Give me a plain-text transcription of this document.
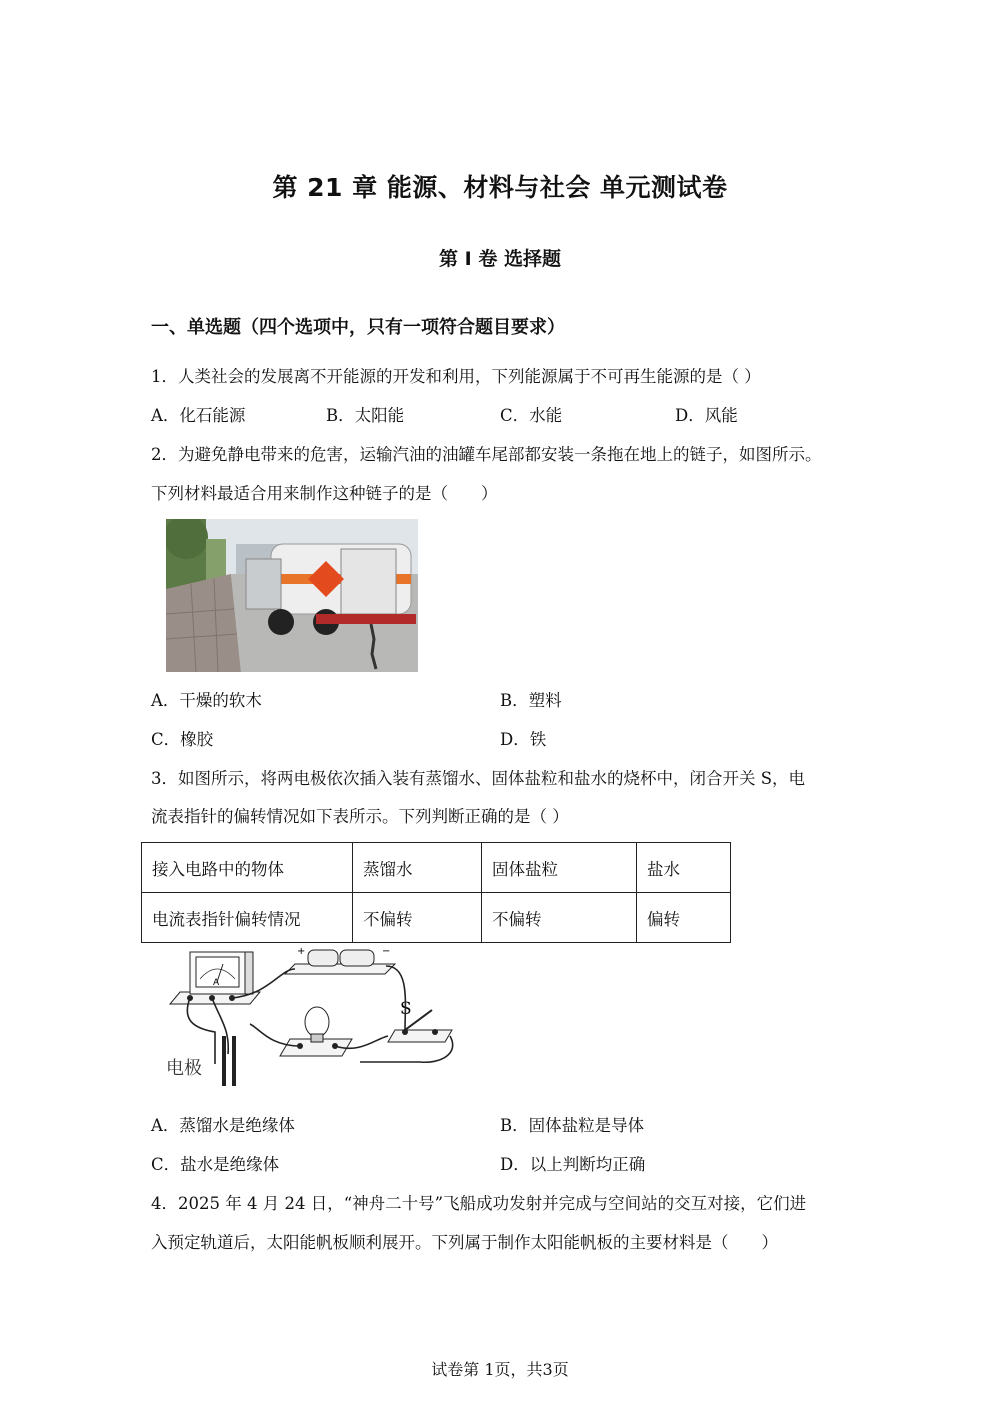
第 21 章 能源、材料与社会 单元测试卷
第 I 卷 选择题
一、单选题（四个选项中，只有一项符合题目要求）
1．人类社会的发展离不开能源的开发和利用，下列能源属于不可再生能源的是（ ）
A．化石能源	B．太阳能	C．水能	D．风能
2．为避免静电带来的危害，运输汽油的油罐车尾部都安装一条拖在地上的链子，如图所示。
下列材料最适合用来制作这种链子的是（　　）
A．干燥的软木	B．塑料
C．橡胶	D．铁
3．如图所示，将两电极依次插入装有蒸馏水、固体盐粒和盐水的烧杯中，闭合开关 S，电
流表指针的偏转情况如下表所示。下列判断正确的是（ ）
接入电路中的物体	蒸馏水	固体盐粒	盐水
电流表指针偏转情况	不偏转	不偏转	偏转
A
+	−
S
电极
A．蒸馏水是绝缘体	B．固体盐粒是导体
C．盐水是绝缘体	D．以上判断均正确
4．2025 年 4 月 24 日，“神舟二十号”飞船成功发射并完成与空间站的交互对接，它们进
入预定轨道后，太阳能帆板顺利展开。下列属于制作太阳能帆板的主要材料是（　　）
试卷第 1页，共3页
